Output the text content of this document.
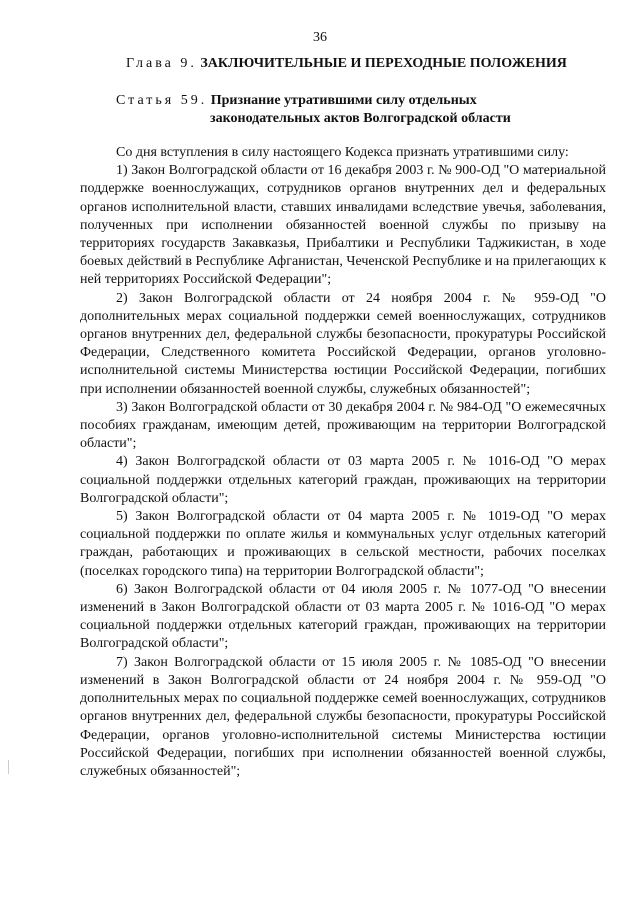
36
Глава 9. ЗАКЛЮЧИТЕЛЬНЫЕ И ПЕРЕХОДНЫЕ ПОЛОЖЕНИЯ
Статья 59. Признание утратившими силу отдельных
законодательных актов Волгоградской области

Со дня вступления в силу настоящего Кодекса признать утратившими силу:

1) Закон Волгоградской области от 16 декабря 2003 г. № 900-ОД "О материальной поддержке военнослужащих, сотрудников органов внутренних дел и федеральных органов исполнительной власти, ставших инвалидами вследствие увечья, заболевания, полученных при исполнении обязанностей военной службы по призыву на территориях государств Закавказья, Прибалтики и Республики Таджикистан, в ходе боевых действий в Республике Афганистан, Чеченской Республике и на прилегающих к ней территориях Российской Федерации";

2) Закон Волгоградской области от 24 ноября 2004 г. № 959-ОД "О дополнительных мерах социальной поддержки семей военнослужащих, сотрудников органов внутренних дел, федеральной службы безопасности, прокуратуры Российской Федерации, Следственного комитета Российской Федерации, органов уголовно-исполнительной системы Министерства юстиции Российской Федерации, погибших при исполнении обязанностей военной службы, служебных обязанностей";

3) Закон Волгоградской области от 30 декабря 2004 г. № 984-ОД "О ежемесячных пособиях гражданам, имеющим детей, проживающим на территории Волгоградской области";

4) Закон Волгоградской области от 03 марта 2005 г. № 1016-ОД "О мерах социальной поддержки отдельных категорий граждан, проживающих на территории Волгоградской области";

5) Закон Волгоградской области от 04 марта 2005 г. № 1019-ОД "О мерах социальной поддержки по оплате жилья и коммунальных услуг отдельных категорий граждан, работающих и проживающих в сельской местности, рабочих поселках (поселках городского типа) на территории Волгоградской области";

6) Закон Волгоградской области от 04 июля 2005 г. № 1077-ОД "О внесении изменений в Закон Волгоградской области от 03 марта 2005 г. № 1016-ОД "О мерах социальной поддержки отдельных категорий граждан, проживающих на территории Волгоградской области";

7) Закон Волгоградской области от 15 июля 2005 г. № 1085-ОД "О внесении изменений в Закон Волгоградской области от 24 ноября 2004 г. № 959-ОД "О дополнительных мерах по социальной поддержке семей военнослужащих, сотрудников органов внутренних дел, федеральной службы безопасности, прокуратуры Российской Федерации, органов уголовно-исполнительной системы Министерства юстиции Российской Федерации, погибших при исполнении обязанностей военной службы, служебных обязанностей";
